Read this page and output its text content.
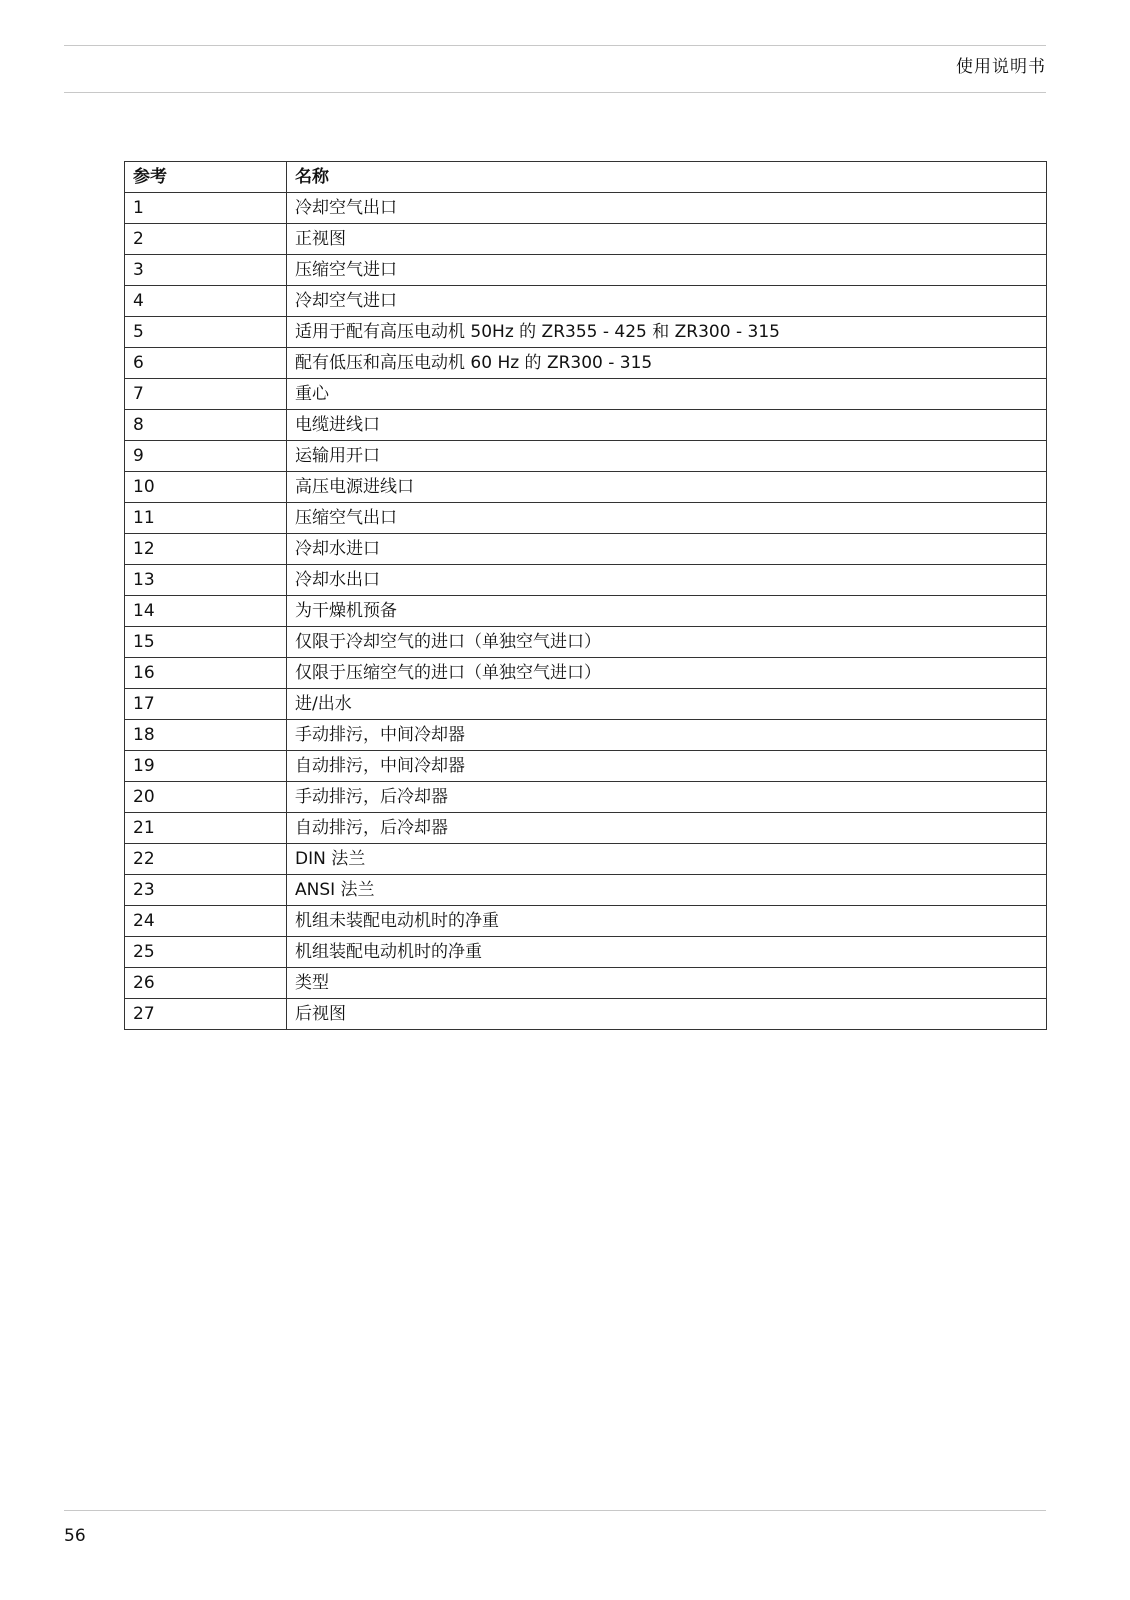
使用说明书
参考	名称
1	冷却空气出口
2	正视图
3	压缩空气进口
4	冷却空气进口
5	适用于配有高压电动机 50Hz 的 ZR355 - 425 和 ZR300 - 315
6	配有低压和高压电动机 60 Hz 的 ZR300 - 315
7	重心
8	电缆进线口
9	运输用开口
10	高压电源进线口
11	压缩空气出口
12	冷却水进口
13	冷却水出口
14	为干燥机预备
15	仅限于冷却空气的进口（单独空气进口）
16	仅限于压缩空气的进口（单独空气进口）
17	进/出水
18	手动排污，中间冷却器
19	自动排污，中间冷却器
20	手动排污，后冷却器
21	自动排污，后冷却器
22	DIN 法兰
23	ANSI 法兰
24	机组未装配电动机时的净重
25	机组装配电动机时的净重
26	类型
27	后视图
56
